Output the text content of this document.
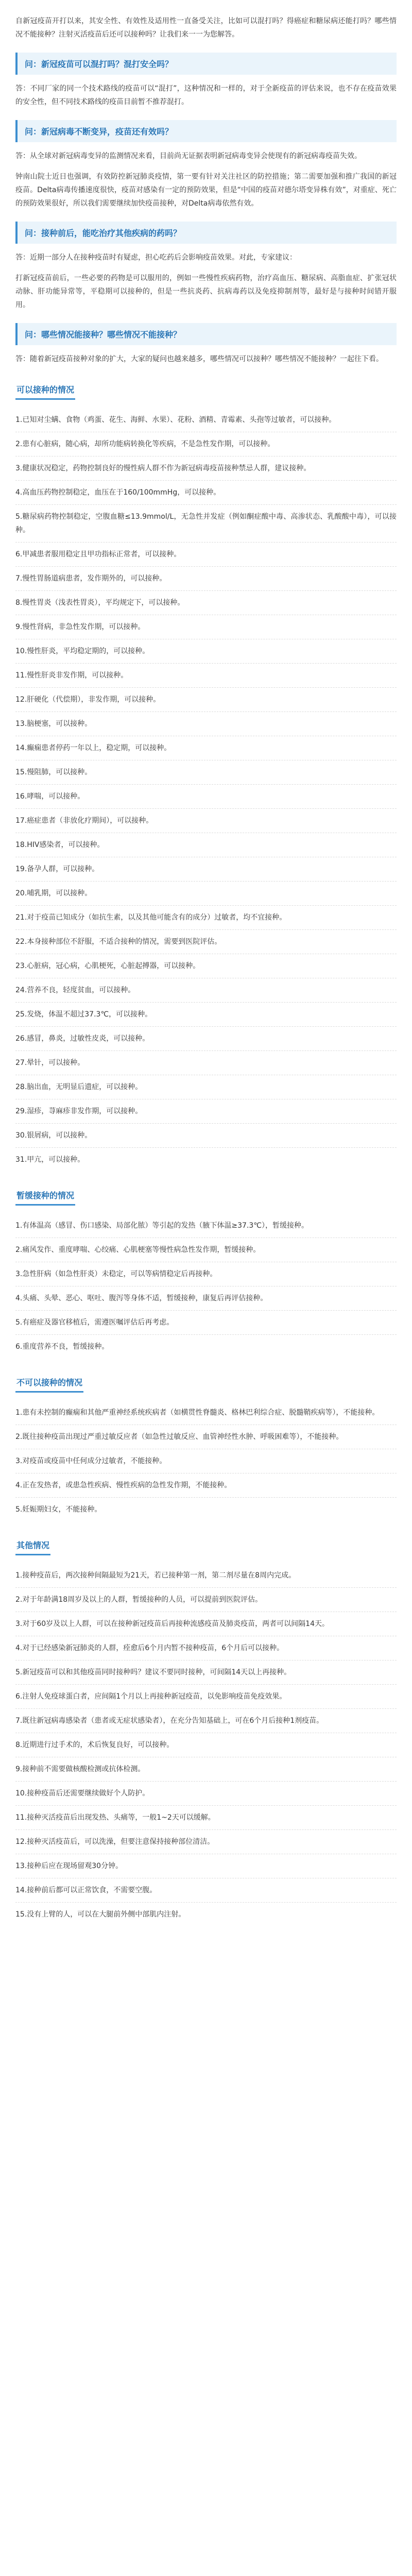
自新冠疫苗开打以来，其安全性、有效性及适用性一直备受关注，比如可以混打吗？得癌症和糖尿病还能打吗？哪些情况不能接种？注射灭活疫苗后还可以接种吗？让我们来一一为您解答。

问：新冠疫苗可以混打吗？混打安全吗？

答：不同厂家的同一个技术路线的疫苗可以“混打”，这种情况和一样的，对于全新疫苗的评估来说，也不存在疫苗效果的安全性，但不同技术路线的疫苗目前暂不推荐混打。

问：新冠病毒不断变异，疫苗还有效吗？

答：从全球对新冠病毒变异的监测情况来看，目前尚无证据表明新冠病毒变异会使现有的新冠病毒疫苗失效。

钟南山院士近日也强调，有效防控新冠肺炎疫情，第一要有针对关注社区的防控措施；第二需要加强和推广我国的新冠疫苗。Delta病毒传播速度很快，疫苗对感染有一定的预防效果，但是“中国的疫苗对德尔塔变异株有效”，对重症、死亡的预防效果很好，所以我们需要继续加快疫苗接种，对Delta病毒依然有效。

问：接种前后，能吃治疗其他疾病的药吗？

答：近期一部分人在接种疫苗时有疑虑，担心吃药后会影响疫苗效果。对此，专家建议：

打新冠疫苗前后，一些必要的药物是可以服用的，例如一些慢性疾病药物，治疗高血压、糖尿病、高脂血症、扩张冠状动脉、肝功能异常等，平稳期可以接种的，但是一些抗炎药、抗病毒药以及免疫抑制剂等，最好是与接种时间错开服用。

问：哪些情况能接种？哪些情况不能接种？

答：随着新冠疫苗接种对象的扩大，大家的疑问也越来越多，哪些情况可以接种？哪些情况不能接种？一起往下看。

可以接种的情况
1.已知对尘螨、食物（鸡蛋、花生、海鲜、水果）、花粉、酒精、青霉素、头孢等过敏者，可以接种。
2.患有心脏病，随心病，却所功能病转换化等疾病，不是急性发作期，可以接种。
3.健康状况稳定，药物控制良好的慢性病人群不作为新冠病毒疫苗接种禁忌人群，建议接种。
4.高血压药物控制稳定，血压在于160/100mmHg，可以接种。
5.糖尿病药物控制稳定，空腹血糖≤13.9mmol/L，无急性并发症（例如酮症酸中毒、高渗状态、乳酸酸中毒），可以接种。
6.甲减患者服用稳定且甲功指标正常者，可以接种。
7.慢性胃肠道病患者，发作期外的，可以接种。
8.慢性胃炎（浅表性胃炎），平均规定下，可以接种。
9.慢性肾病，非急性发作期，可以接种。
10.慢性肝炎，平均稳定期的，可以接种。
11.慢性肝炎非发作期，可以接种。
12.肝硬化（代偿期），非发作期，可以接种。
13.脑梗塞，可以接种。
14.癫痫患者停药一年以上，稳定期，可以接种。
15.慢阻肺，可以接种。
16.哮喘，可以接种。
17.癌症患者（非放化疗期间），可以接种。
18.HIV感染者，可以接种。
19.备孕人群，可以接种。
20.哺乳期，可以接种。
21.对于疫苗已知成分（如抗生素，以及其他可能含有的成分）过敏者，均不宜接种。
22.本身接种部位不舒服，不适合接种的情况，需要到医院评估。
23.心脏病，冠心病，心肌梗死，心脏起搏器，可以接种。
24.营养不良，轻度贫血，可以接种。
25.发烧，体温不超过37.3℃，可以接种。
26.感冒，鼻炎，过敏性皮炎，可以接种。
27.晕针，可以接种。
28.脑出血，无明显后遗症，可以接种。
29.湿疹，荨麻疹非发作期，可以接种。
30.银屑病，可以接种。
31.甲亢，可以接种。
暂缓接种的情况
1.有体温高（感冒、伤口感染、局部化脓）等引起的发热（腋下体温≥37.3℃），暂缓接种。
2.痛风发作、重度哮喘、心绞痛、心肌梗塞等慢性病急性发作期，暂缓接种。
3.急性肝病（如急性肝炎）未稳定，可以等病情稳定后再接种。
4.头痛、头晕、恶心、呕吐、腹泻等身体不适，暂缓接种，康复后再评估接种。
5.有癌症及器官移植后，需遵医嘱评估后再考虑。
6.重度营养不良，暂缓接种。
不可以接种的情况
1.患有未控制的癫痫和其他严重神经系统疾病者（如横贯性脊髓炎、格林巴利综合症、脱髓鞘疾病等），不能接种。
2.既往接种疫苗出现过严重过敏反应者（如急性过敏反应、血管神经性水肿、呼吸困难等），不能接种。
3.对疫苗或疫苗中任何成分过敏者，不能接种。
4.正在发热者，或患急性疾病、慢性疾病的急性发作期，不能接种。
5.妊娠期妇女，不能接种。
其他情况
1.接种疫苗后，两次接种间隔最短为21天，若已接种第一剂，第二剂尽量在8周内完成。
2.对于年龄满18周岁及以上的人群，暂缓接种的人员，可以提前到医院评估。
3.对于60岁及以上人群，可以在接种新冠疫苗后再接种流感疫苗及肺炎疫苗，两者可以间隔14天。
4.对于已经感染新冠肺炎的人群，痊愈后6个月内暂不接种疫苗，6个月后可以接种。
5.新冠疫苗可以和其他疫苗同时接种吗？建议不要同时接种，可间隔14天以上再接种。
6.注射人免疫球蛋白者，应间隔1个月以上再接种新冠疫苗，以免影响疫苗免疫效果。
7.既往新冠病毒感染者（患者或无症状感染者），在充分告知基础上，可在6个月后接种1剂疫苗。
8.近期进行过手术的，术后恢复良好，可以接种。
9.接种前不需要做核酸检测或抗体检测。
10.接种疫苗后还需要继续做好个人防护。
11.接种灭活疫苗后出现发热、头痛等，一般1~2天可以缓解。
12.接种灭活疫苗后，可以洗澡，但要注意保持接种部位清洁。
13.接种后应在现场留观30分钟。
14.接种前后都可以正常饮食，不需要空腹。
15.没有上臂的人，可以在大腿前外侧中部肌内注射。
